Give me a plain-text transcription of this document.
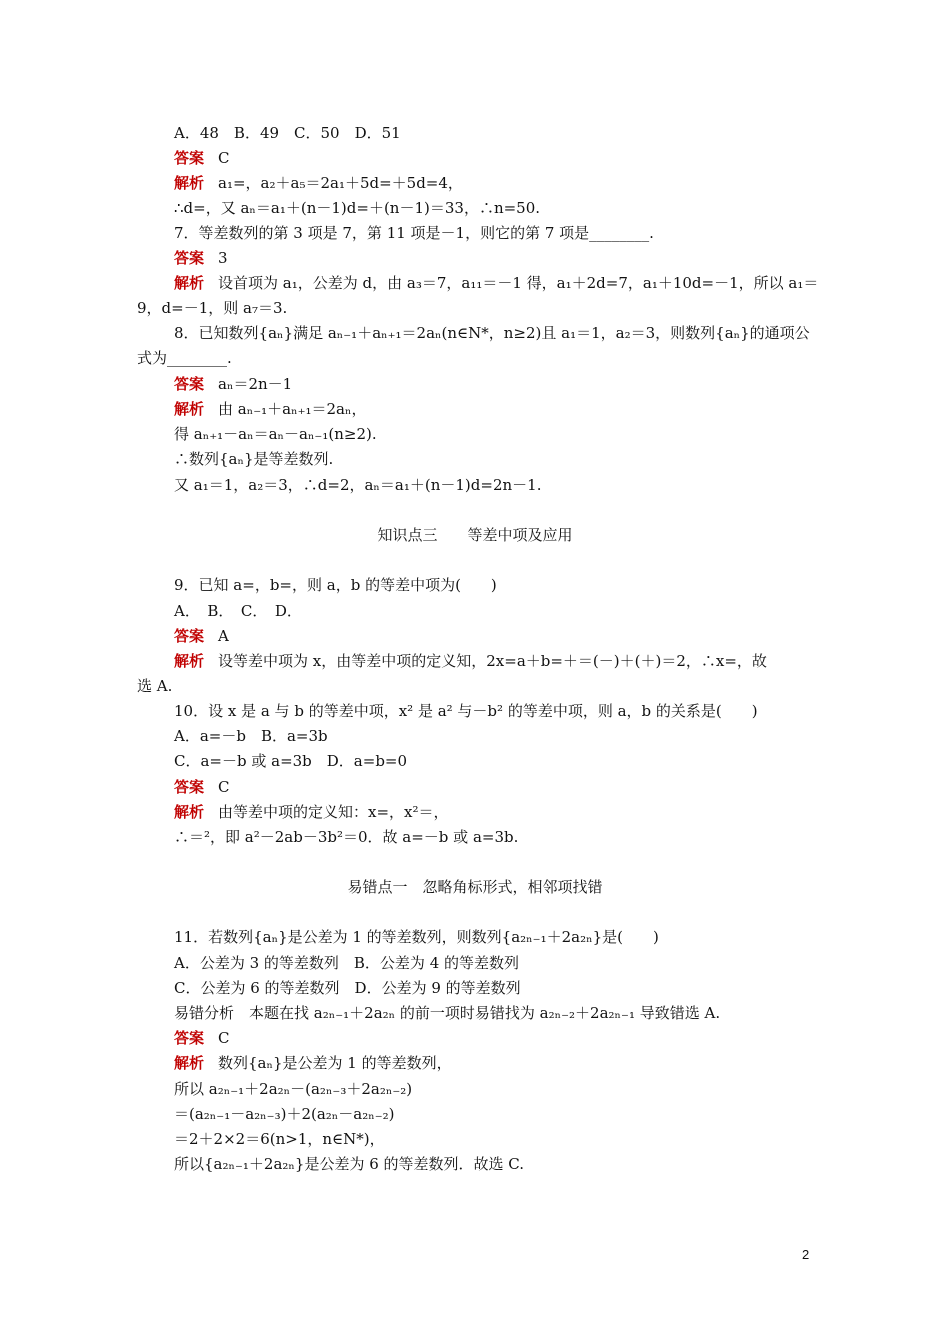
A．48　B．49　C．50　D．51
答案 C
解析 a₁=，a₂＋a₅＝2a₁＋5d=＋5d=4，
∴d=，又 aₙ＝a₁＋(n－1)d=＋(n－1)＝33，∴n=50.
7．等差数列的第 3 项是 7，第 11 项是－1，则它的第 7 项是________.
答案 3
解析 设首项为 a₁，公差为 d，由 a₃＝7，a₁₁＝－1 得，a₁＋2d=7，a₁＋10d=－1，所以 a₁＝
9，d=－1，则 a₇＝3.
8．已知数列{aₙ}满足 aₙ₋₁＋aₙ₊₁＝2aₙ(n∈N*，n≥2)且 a₁＝1，a₂＝3，则数列{aₙ}的通项公
式为________.
答案 aₙ＝2n－1
解析 由 aₙ₋₁＋aₙ₊₁＝2aₙ，
得 aₙ₊₁－aₙ＝aₙ－aₙ₋₁(n≥2).
∴数列{aₙ}是等差数列.
又 a₁＝1，a₂＝3，∴d=2，aₙ＝a₁＋(n－1)d=2n－1.
知识点三　　等差中项及应用
9．已知 a=，b=，则 a，b 的等差中项为(　　)
A．　B．　C．　D．
答案 A
解析 设等差中项为 x，由等差中项的定义知，2x=a＋b=＋＝(－)＋(＋)＝2，∴x=，故
选 A.
10．设 x 是 a 与 b 的等差中项，x² 是 a² 与－b² 的等差中项，则 a，b 的关系是(　　)
A．a=－b　B．a=3b
C．a=－b 或 a=3b　D．a=b=0
答案 C
解析 由等差中项的定义知：x=，x²＝，
∴＝²，即 a²－2ab－3b²＝0．故 a=－b 或 a=3b.
易错点一　忽略角标形式，相邻项找错
11．若数列{aₙ}是公差为 1 的等差数列，则数列{a₂ₙ₋₁＋2a₂ₙ}是(　　)
A．公差为 3 的等差数列　B．公差为 4 的等差数列
C．公差为 6 的等差数列　D．公差为 9 的等差数列
易错分析　本题在找 a₂ₙ₋₁＋2a₂ₙ 的前一项时易错找为 a₂ₙ₋₂＋2a₂ₙ₋₁ 导致错选 A.
答案 C
解析 数列{aₙ}是公差为 1 的等差数列，
所以 a₂ₙ₋₁＋2a₂ₙ－(a₂ₙ₋₃＋2a₂ₙ₋₂)
＝(a₂ₙ₋₁－a₂ₙ₋₃)＋2(a₂ₙ－a₂ₙ₋₂)
＝2＋2×2＝6(n>1，n∈N*)，
所以{a₂ₙ₋₁＋2a₂ₙ}是公差为 6 的等差数列．故选 C.
2
